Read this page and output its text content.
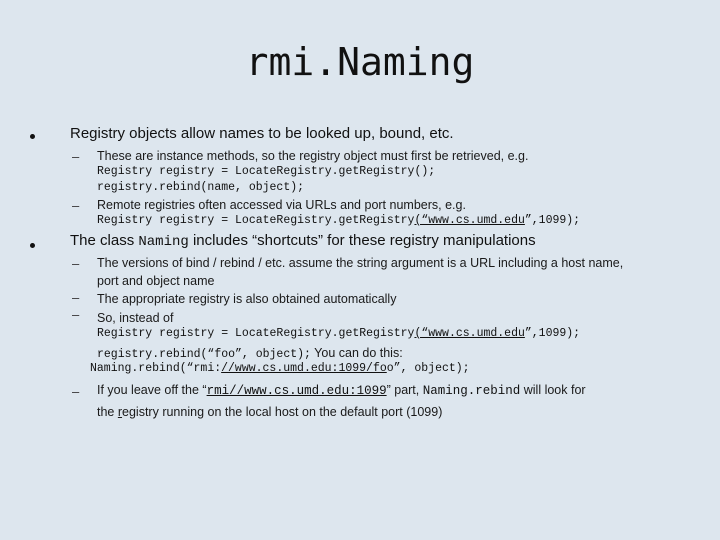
rmi.Naming
Registry objects allow names to be looked up, bound, etc.
– These are instance methods, so the registry object must first be retrieved, e.g.
Registry registry = LocateRegistry.getRegistry();
registry.rebind(name, object);
– Remote registries often accessed via URLs and port numbers, e.g.
Registry registry = LocateRegistry.getRegistry(“www.cs.umd.edu”,1099);
The class Naming includes “shortcuts” for these registry manipulations
– The versions of bind / rebind / etc. assume the string argument is a URL including a host name,
port and object name
– The appropriate registry is also obtained automatically
– So, instead of
Registry registry = LocateRegistry.getRegistry(“www.cs.umd.edu”,1099);
registry.rebind(“foo”, object); You can do this:
Naming.rebind(“rmi://www.cs.umd.edu:1099/foo”, object);
– If you leave off the “rmi//www.cs.umd.edu:1099” part, Naming.rebind will look for
the registry running on the local host on the default port (1099)
